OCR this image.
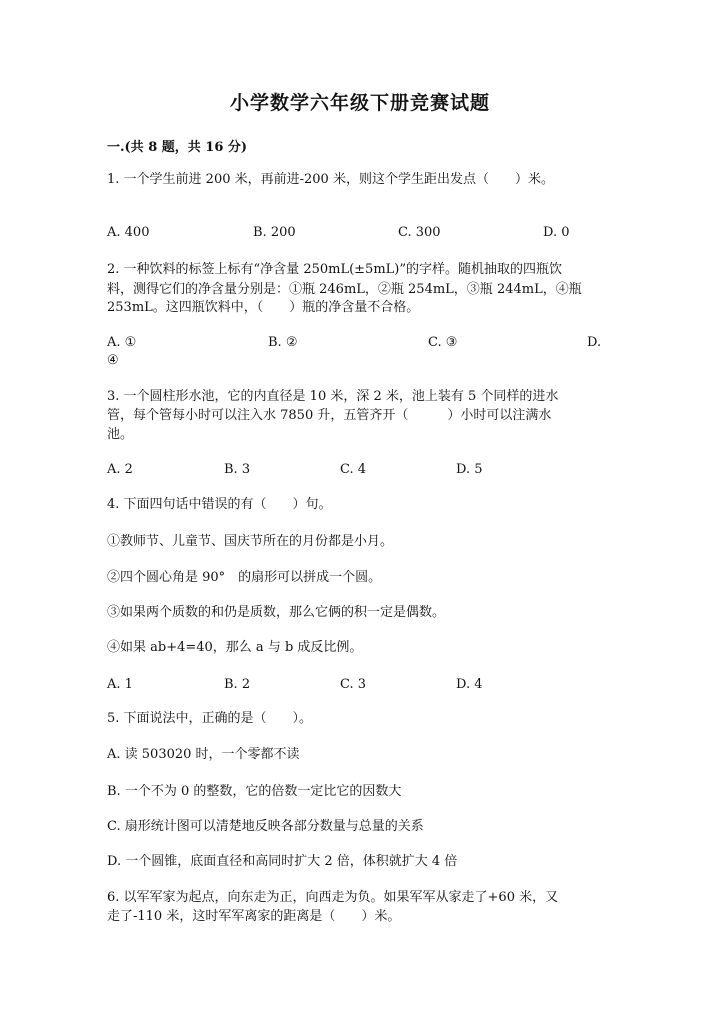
小学数学六年级下册竞赛试题
一.(共 8 题，共 16 分)
1. 一个学生前进 200 米，再前进-200 米，则这个学生距出发点（　　）米。
A. 400	B. 200	C. 300	D. 0
2. 一种饮料的标签上标有“净含量 250mL(±5mL)”的字样。随机抽取的四瓶饮
料，测得它们的净含量分别是：①瓶 246mL，②瓶 254mL，③瓶 244mL，④瓶
253mL。这四瓶饮料中，（　　）瓶的净含量不合格。
A. ①	B. ②	C. ③	D.
④
3. 一个圆柱形水池，它的内直径是 10 米，深 2 米，池上装有 5 个同样的进水
管，每个管每小时可以注入水 7850 升，五管齐开（　　　）小时可以注满水
池。
A. 2	B. 3	C. 4	D. 5
4. 下面四句话中错误的有（　　）句。
①教师节、儿童节、国庆节所在的月份都是小月。
②四个圆心角是 90°　的扇形可以拼成一个圆。
③如果两个质数的和仍是质数，那么它俩的积一定是偶数。
④如果 ab+4=40，那么 a 与 b 成反比例。
A. 1	B. 2	C. 3	D. 4
5. 下面说法中，正确的是（　　）。
A. 读 503020 时，一个零都不读
B. 一个不为 0 的整数，它的倍数一定比它的因数大
C. 扇形统计图可以清楚地反映各部分数量与总量的关系
D. 一个圆锥，底面直径和高同时扩大 2 倍，体积就扩大 4 倍
6. 以军军家为起点，向东走为正，向西走为负。如果军军从家走了+60 米，又
走了-110 米，这时军军离家的距离是（　　）米。
